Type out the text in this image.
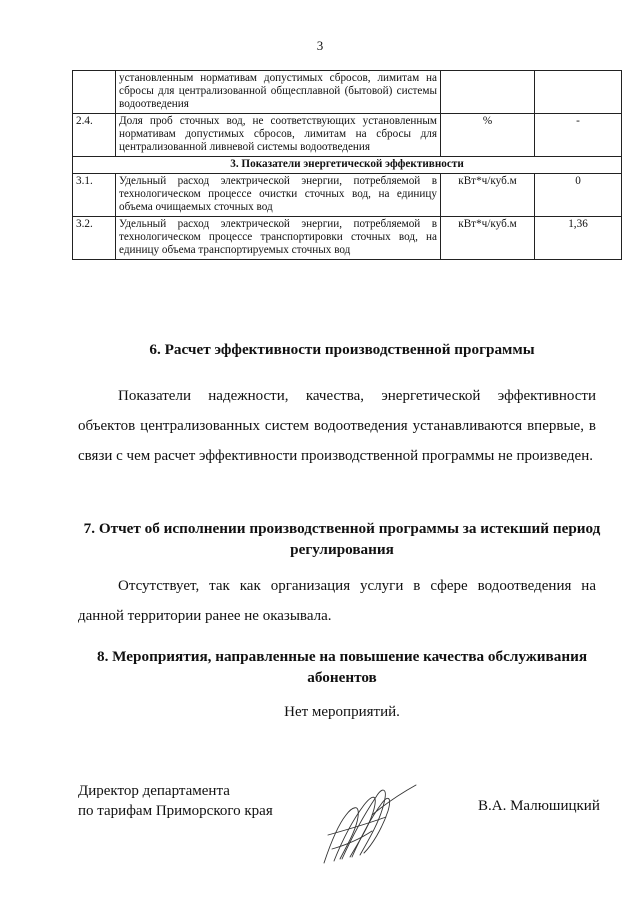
3
	установленным нормативам допустимых сбросов, лимитам на сбросы для централизованной общесплавной (бытовой) системы водоотведения		
2.4.	Доля проб сточных вод, не соответствующих установленным нормативам допустимых сбросов, лимитам на сбросы для централизованной ливневой системы водоотведения	%	-
3. Показатели энергетической эффективности			
3.1.	Удельный расход электрической энергии, потребляемой в технологическом процессе очистки сточных вод, на единицу объема очищаемых сточных вод	кВт*ч/куб.м	0
3.2.	Удельный расход электрической энергии, потребляемой в технологическом процессе транспортировки сточных вод, на единицу объема транспортируемых сточных вод	кВт*ч/куб.м	1,36
6. Расчет эффективности производственной программы
Показатели надежности, качества, энергетической эффективности объектов централизованных систем водоотведения устанавливаются впервые, в связи с чем расчет эффективности производственной программы не произведен.
7. Отчет об исполнении производственной программы за истекший период регулирования
Отсутствует, так как организация услуги в сфере водоотведения на данной территории ранее не оказывала.
8. Мероприятия, направленные на повышение качества обслуживания абонентов
Нет мероприятий.
Директор департамента
по тарифам Приморского края	В.А. Малюшицкий
